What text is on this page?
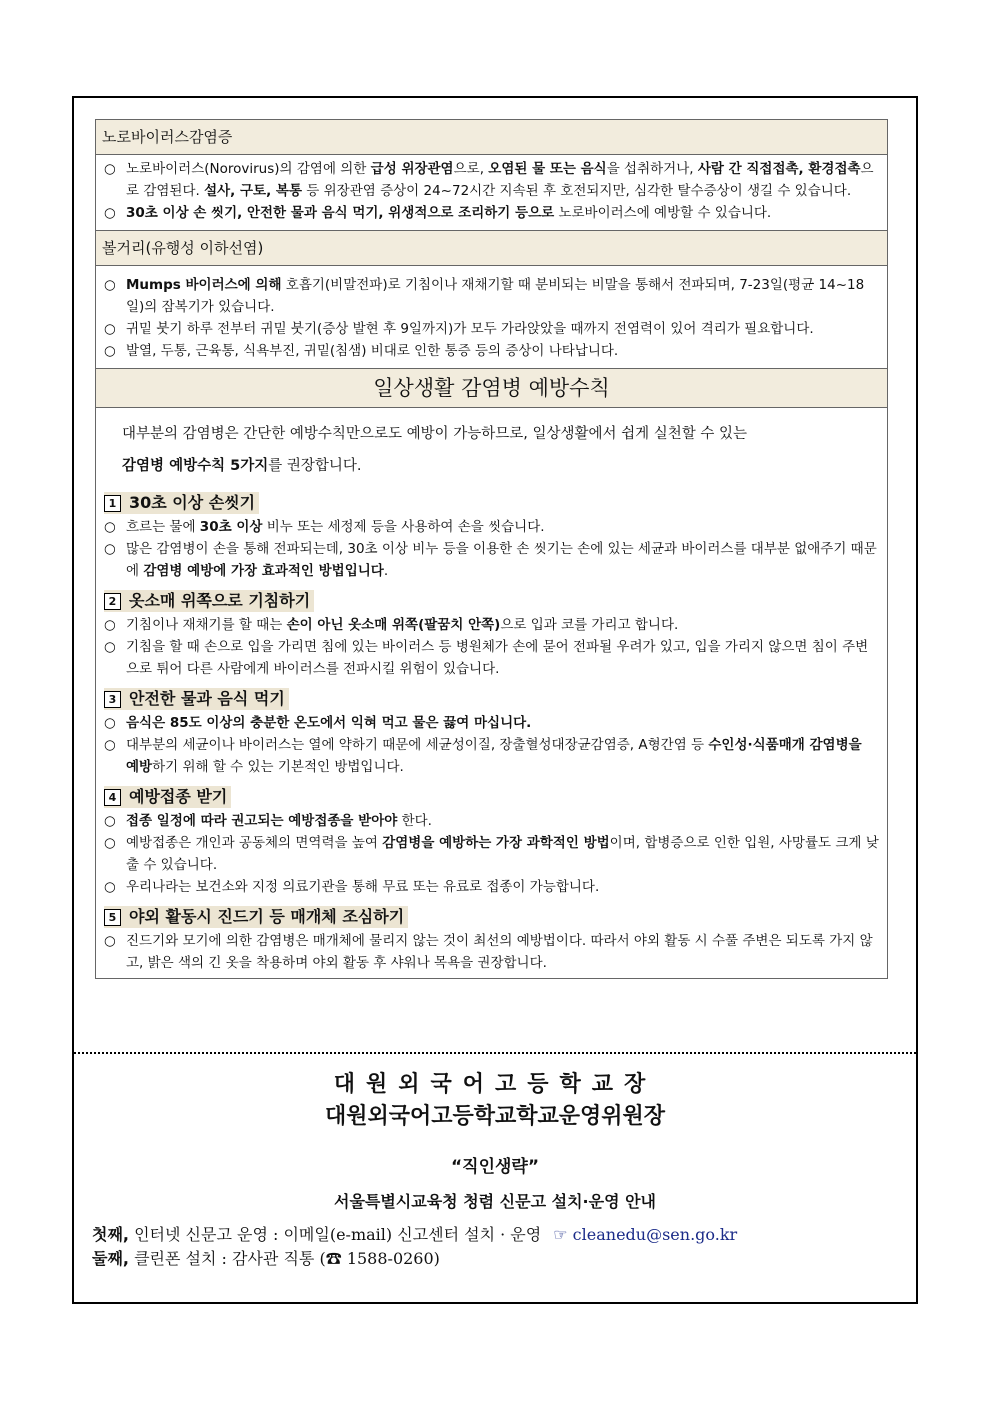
노로바이러스감염증

○ 노로바이러스(Norovirus)의 감염에 의한 급성 위장관염으로, 오염된 물 또는 음식을 섭취하거나, 사람 간 직접접촉, 환경접촉으로 감염된다. 설사, 구토, 복통 등 위장관염 증상이 24~72시간 지속된 후 호전되지만, 심각한 탈수증상이 생길 수 있습니다.

○ 30초 이상 손 씻기, 안전한 물과 음식 먹기, 위생적으로 조리하기 등으로 노로바이러스에 예방할 수 있습니다.

볼거리(유행성 이하선염)

○ Mumps 바이러스에 의해 호흡기(비말전파)로 기침이나 재채기할 때 분비되는 비말을 통해서 전파되며, 7-23일(평균 14~18일)의 잠복기가 있습니다.

○ 귀밑 붓기 하루 전부터 귀밑 붓기(증상 발현 후 9일까지)가 모두 가라앉았을 때까지 전염력이 있어 격리가 필요합니다.

○ 발열, 두통, 근육통, 식욕부진, 귀밑(침샘) 비대로 인한 통증 등의 증상이 나타납니다.

일상생활 감염병 예방수칙
대부분의 감염병은 간단한 예방수칙만으로도 예방이 가능하므로, 일상생활에서 쉽게 실천할 수 있는
감염병 예방수칙 5가지를 권장합니다.
1 30초 이상 손씻기

○ 흐르는 물에 30초 이상 비누 또는 세정제 등을 사용하여 손을 씻습니다.

○ 많은 감염병이 손을 통해 전파되는데, 30초 이상 비누 등을 이용한 손 씻기는 손에 있는 세균과 바이러스를 대부분 없애주기 때문에 감염병 예방에 가장 효과적인 방법입니다.

2 옷소매 위쪽으로 기침하기

○ 기침이나 재채기를 할 때는 손이 아닌 옷소매 위쪽(팔꿈치 안쪽)으로 입과 코를 가리고 합니다.

○ 기침을 할 때 손으로 입을 가리면 침에 있는 바이러스 등 병원체가 손에 묻어 전파될 우려가 있고, 입을 가리지 않으면 침이 주변으로 튀어 다른 사람에게 바이러스를 전파시킬 위험이 있습니다.

3 안전한 물과 음식 먹기

○ 음식은 85도 이상의 충분한 온도에서 익혀 먹고 물은 끓여 마십니다.

○ 대부분의 세균이나 바이러스는 열에 약하기 때문에 세균성이질, 장출혈성대장균감염증, A형간염 등 수인성·식품매개 감염병을 예방하기 위해 할 수 있는 기본적인 방법입니다.

4 예방접종 받기

○ 접종 일정에 따라 권고되는 예방접종을 받아야 한다.

○ 예방접종은 개인과 공동체의 면역력을 높여 감염병을 예방하는 가장 과학적인 방법이며, 합병증으로 인한 입원, 사망률도 크게 낮출 수 있습니다.

○ 우리나라는 보건소와 지정 의료기관을 통해 무료 또는 유료로 접종이 가능합니다.

5 야외 활동시 진드기 등 매개체 조심하기

○ 진드기와 모기에 의한 감염병은 매개체에 물리지 않는 것이 최선의 예방법이다. 따라서 야외 활동 시 수풀 주변은 되도록 가지 않고, 밝은 색의 긴 옷을 착용하며 야외 활동 후 샤워나 목욕을 권장합니다.

대원외국어고등학교장
대원외국어고등학교학교운영위원장
“직인생략”
서울특별시교육청 청렴 신문고 설치·운영 안내
첫째, 인터넷 신문고 운영 : 이메일(e-mail) 신고센터 설치 · 운영 ☞ cleanedu@sen.go.kr
둘째, 클린폰 설치 : 감사관 직통 (☎ 1588-0260)
